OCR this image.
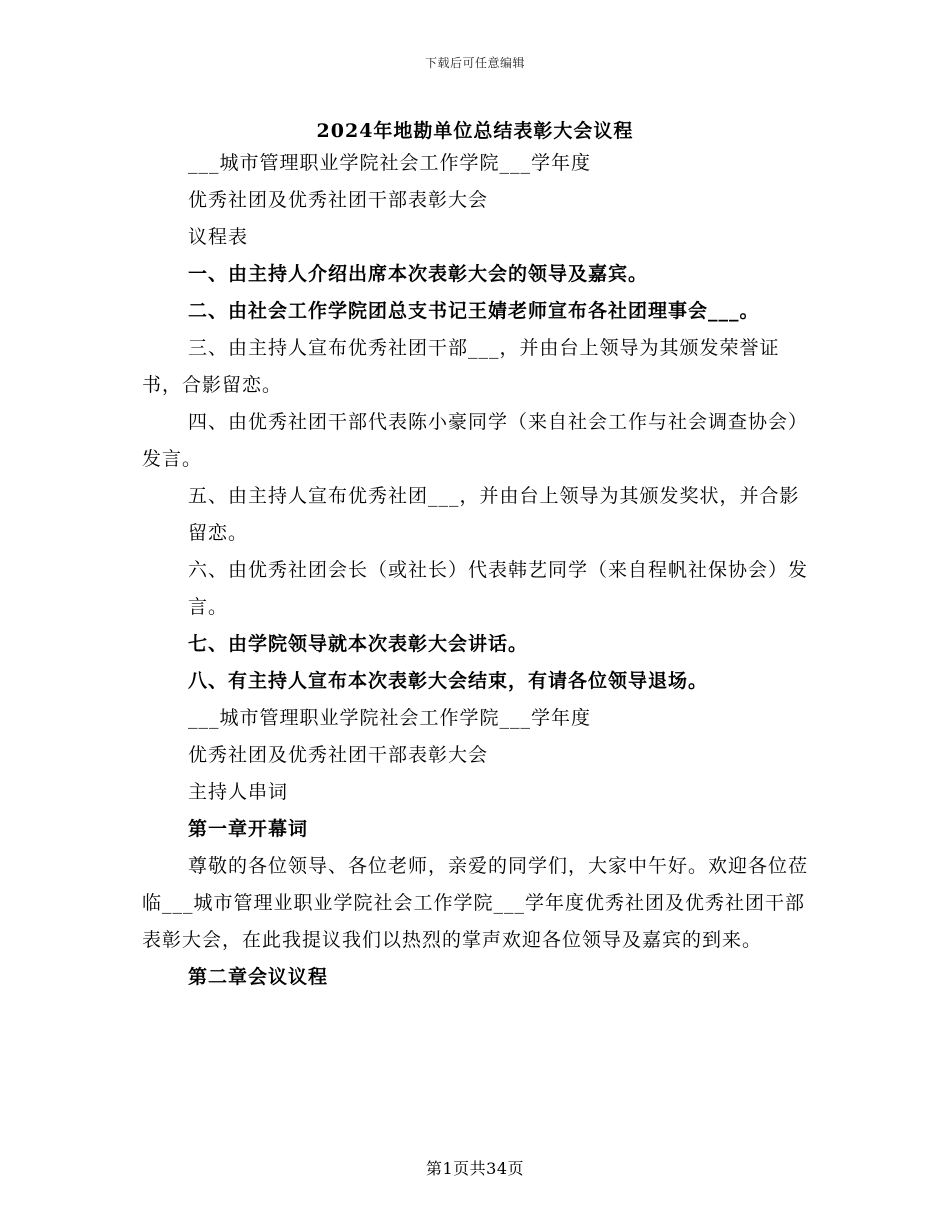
下载后可任意编辑
2024年地勘单位总结表彰大会议程

___城市管理职业学院社会工作学院___学年度

优秀社团及优秀社团干部表彰大会

议程表

一、由主持人介绍出席本次表彰大会的领导及嘉宾。

二、由社会工作学院团总支书记王婧老师宣布各社团理事会___。

三、由主持人宣布优秀社团干部___，并由台上领导为其颁发荣誉证书，合影留恋。

四、由优秀社团干部代表陈小豪同学（来自社会工作与社会调查协会）发言。

五、由主持人宣布优秀社团___，并由台上领导为其颁发奖状，并合影

留恋。

六、由优秀社团会长（或社长）代表韩艺同学（来自程帆社保协会）发

言。

七、由学院领导就本次表彰大会讲话。

八、有主持人宣布本次表彰大会结束，有请各位领导退场。

___城市管理职业学院社会工作学院___学年度

优秀社团及优秀社团干部表彰大会

主持人串词

第一章开幕词

尊敬的各位领导、各位老师，亲爱的同学们，大家中午好。欢迎各位莅临___城市管理业职业学院社会工作学院___学年度优秀社团及优秀社团干部表彰大会，在此我提议我们以热烈的掌声欢迎各位领导及嘉宾的到来。

第二章会议议程

第1页共34页
